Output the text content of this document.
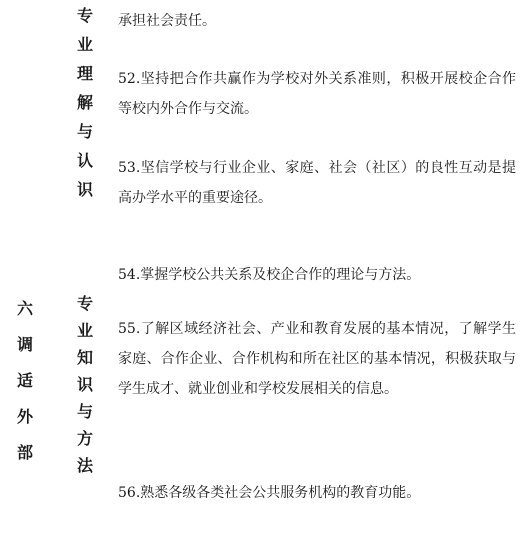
六
调
适
外
部
专
业
理
解
与
认
识
专
业
知
识
与
方
法

承担社会责任。

52.坚持把合作共赢作为学校对外关系准则，积极开展校企合作等校内外合作与交流。

53.坚信学校与行业企业、家庭、社会（社区）的良性互动是提高办学水平的重要途径。

54.掌握学校公共关系及校企合作的理论与方法。

55.了解区域经济社会、产业和教育发展的基本情况，了解学生家庭、合作企业、合作机构和所在社区的基本情况，积极获取与学生成才、就业创业和学校发展相关的信息。

56.熟悉各级各类社会公共服务机构的教育功能。
